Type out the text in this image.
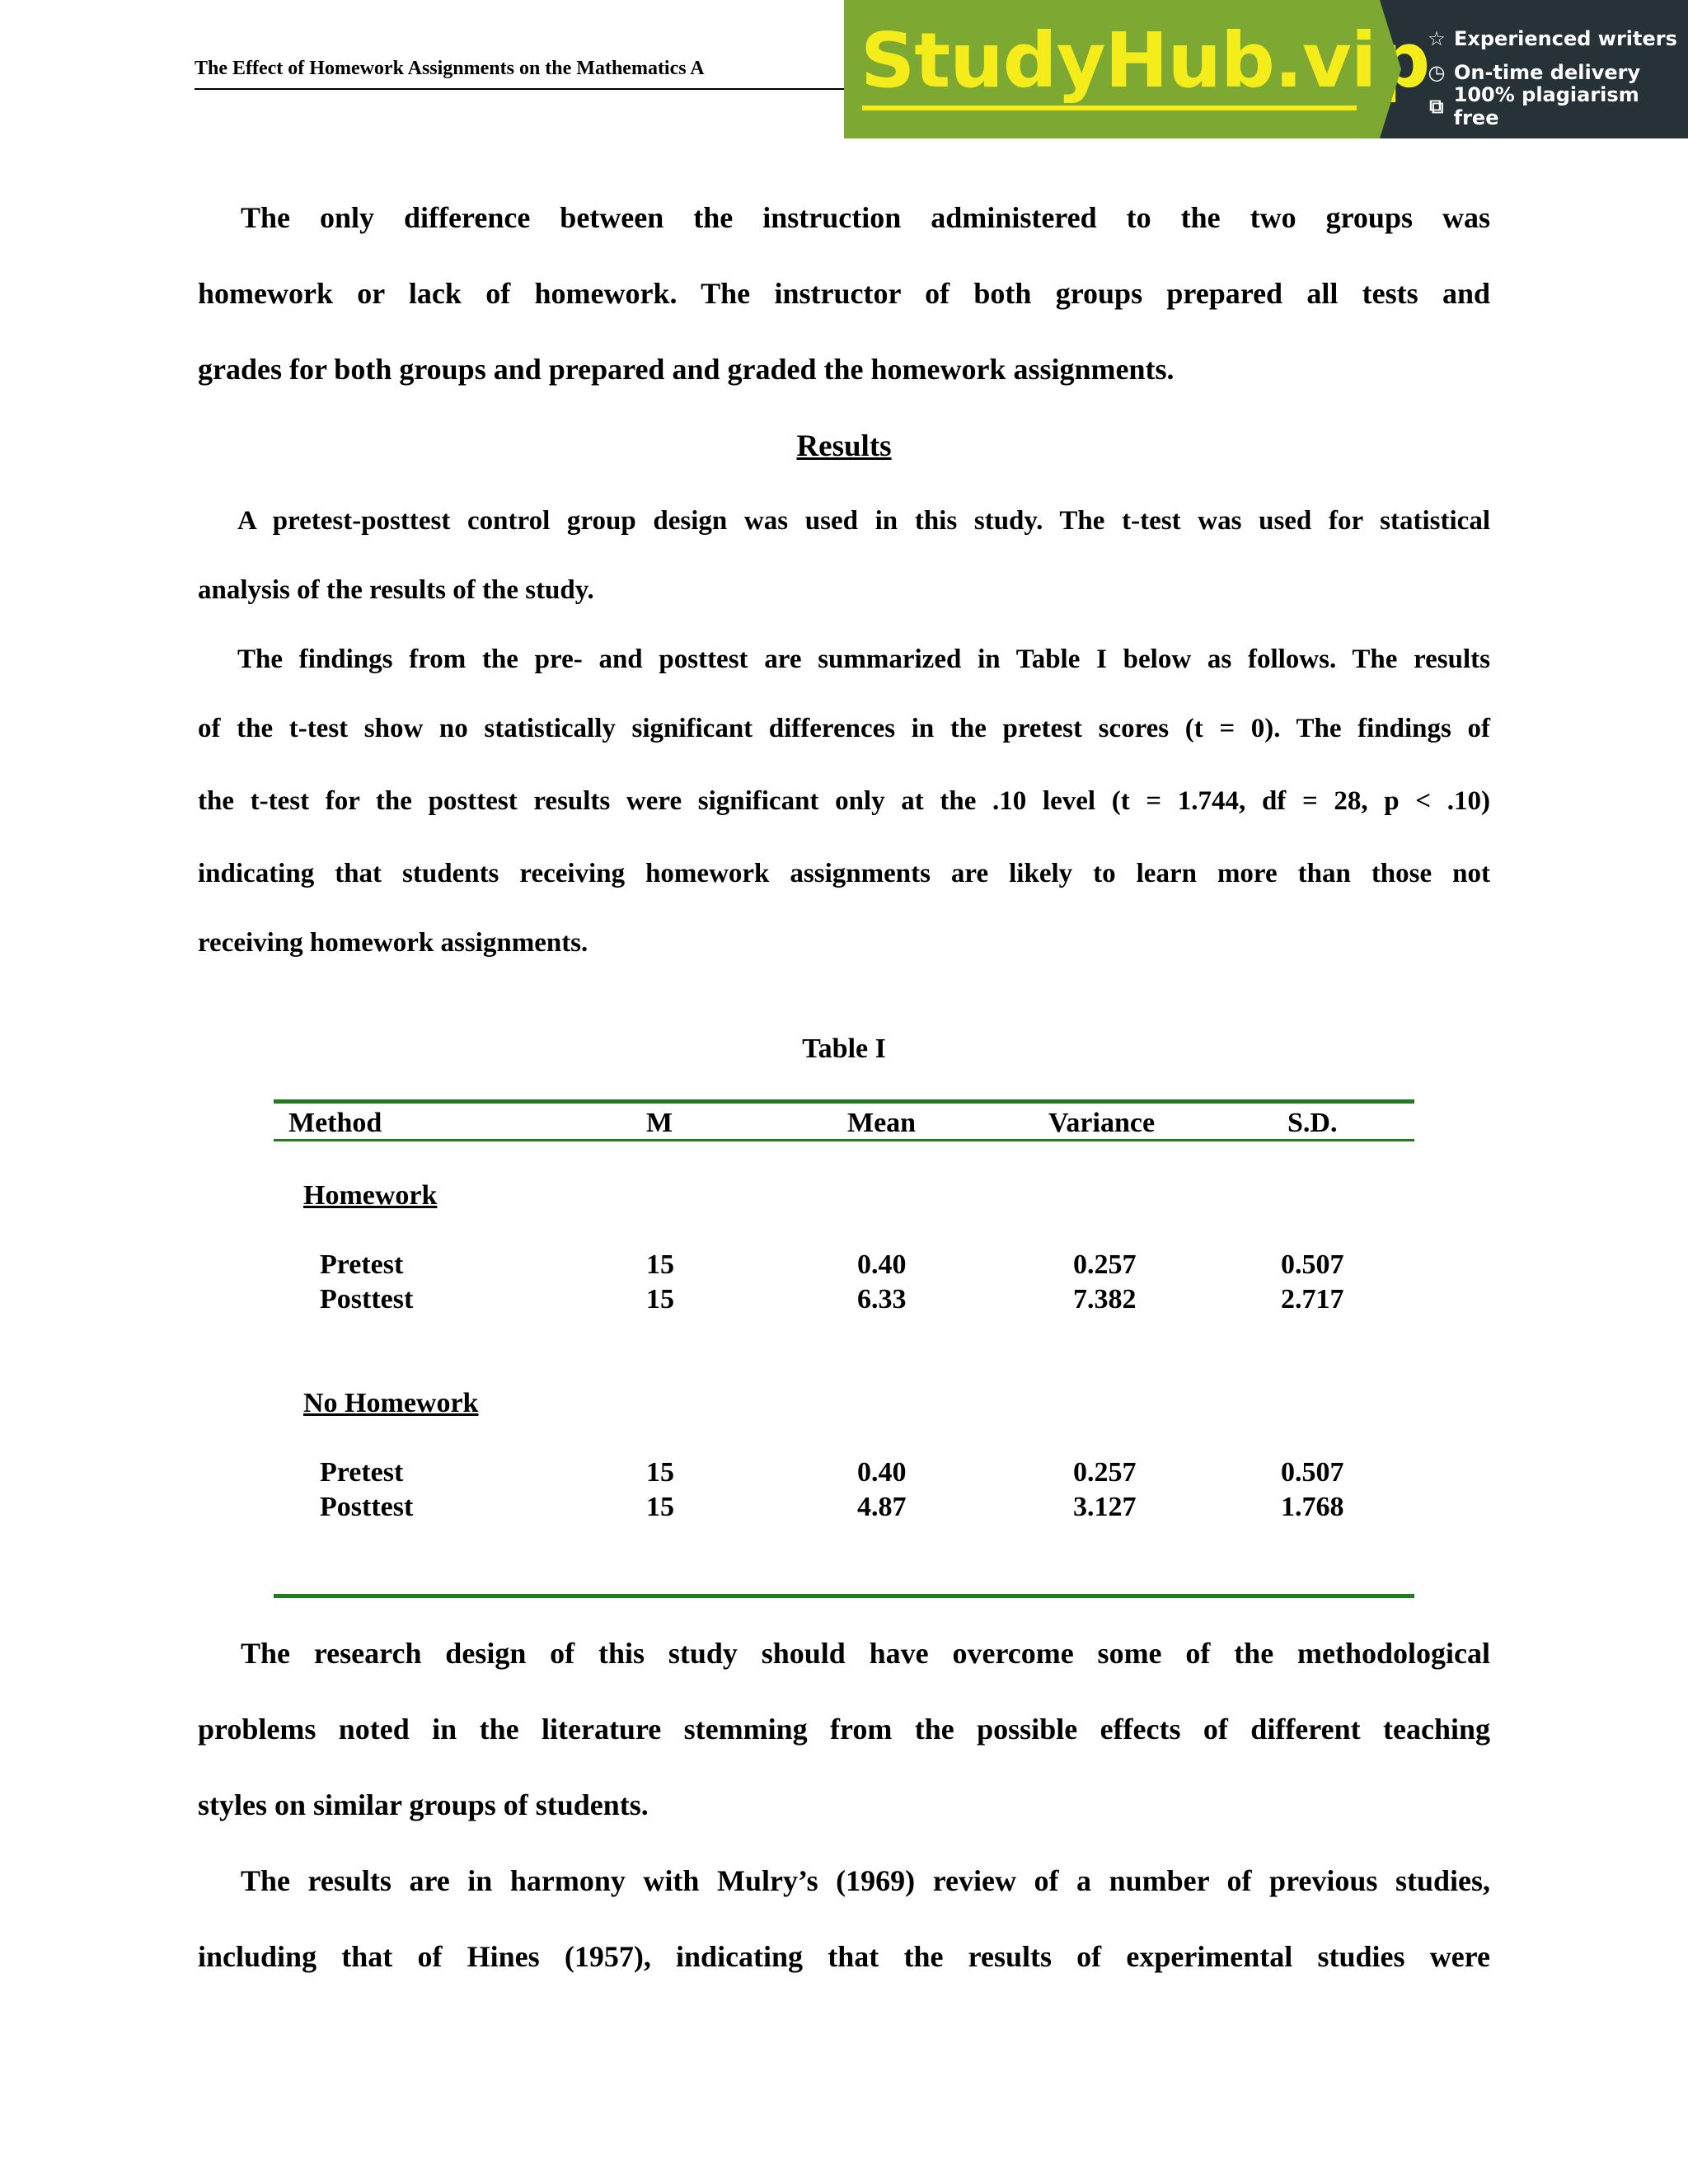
The Effect of Homework Assignments on the Mathematics A	StudyHub.vip
☆ Experienced writers
◷ On-time delivery
⧉ 100% plagiarism free
The only difference between the instruction administered to the two groups was
homework or lack of homework. The instructor of both groups prepared all tests and
grades for both groups and prepared and graded the homework assignments.
Results
A pretest-posttest control group design was used in this study. The t-test was used for statistical
analysis of the results of the study.
The findings from the pre- and posttest are summarized in Table I below as follows. The results
of the t-test show no statistically significant differences in the pretest scores (t = 0). The findings of
the t-test for the posttest results were significant only at the .10 level (t = 1.744, df = 28, p < .10)
indicating that students receiving homework assignments are likely to learn more than those not
receiving homework assignments.
Table I
The research design of this study should have overcome some of the methodological
problems noted in the literature stemming from the possible effects of different teaching
styles on similar groups of students.
The results are in harmony with Mulry’s (1969) review of a number of previous studies,
including that of Hines (1957), indicating that the results of experimental studies were
Method	M	Mean	Variance	S.D.
Homework
Pretest	15	0.40	0.257	0.507
Posttest	15	6.33	7.382	2.717
No Homework
Pretest	15	0.40	0.257	0.507
Posttest	15	4.87	3.127	1.768
